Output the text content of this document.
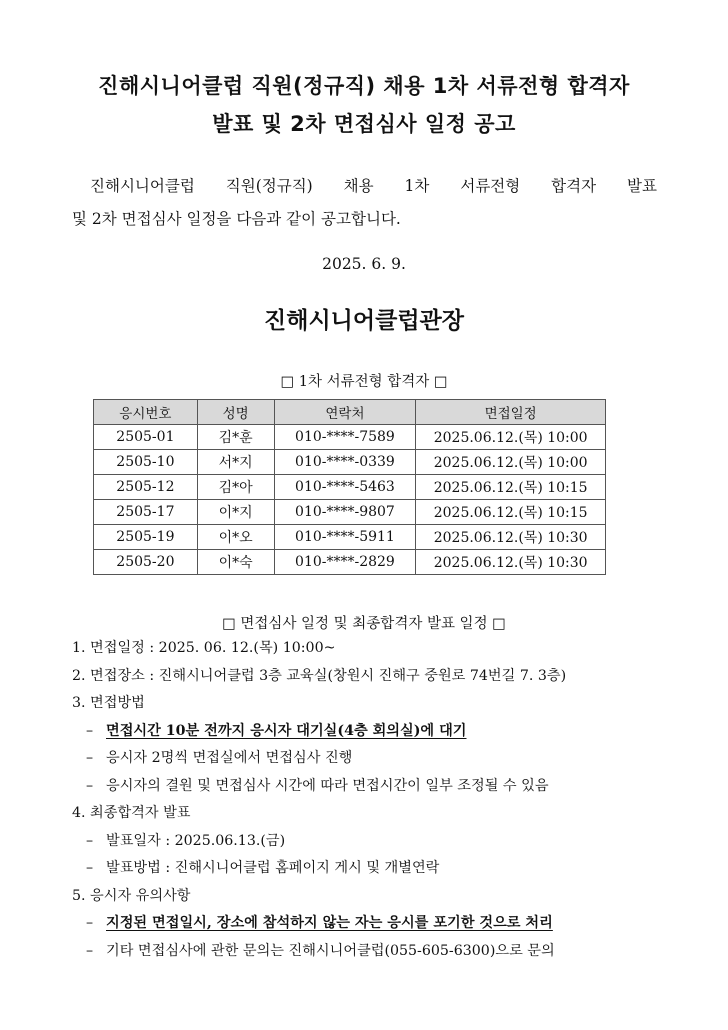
진해시니어클럽 직원(정규직) 채용 1차 서류전형 합격자
발표 및 2차 면접심사 일정 공고
진해시니어클럽 직원(정규직) 채용 1차 서류전형 합격자 발표
및 2차 면접심사 일정을 다음과 같이 공고합니다.
2025. 6. 9.
진해시니어클럽관장
□ 1차 서류전형 합격자 □
응시번호	성명	연락처	면접일정
2505-01	김*훈	010-****-7589	2025.06.12.(목) 10:00
2505-10	서*지	010-****-0339	2025.06.12.(목) 10:00
2505-12	김*아	010-****-5463	2025.06.12.(목) 10:15
2505-17	이*지	010-****-9807	2025.06.12.(목) 10:15
2505-19	이*오	010-****-5911	2025.06.12.(목) 10:30
2505-20	이*숙	010-****-2829	2025.06.12.(목) 10:30
□ 면접심사 일정 및 최종합격자 발표 일정 □
1. 면접일정 : 2025. 06. 12.(목) 10:00~
2. 면접장소 : 진해시니어클럽 3층 교육실(창원시 진해구 중원로 74번길 7. 3층)
3. 면접방법
– 면접시간 10분 전까지 응시자 대기실(4층 회의실)에 대기
– 응시자 2명씩 면접실에서 면접심사 진행
– 응시자의 결원 및 면접심사 시간에 따라 면접시간이 일부 조정될 수 있음
4. 최종합격자 발표
– 발표일자 : 2025.06.13.(금)
– 발표방법 : 진해시니어클럽 홈페이지 게시 및 개별연락
5. 응시자 유의사항
– 지정된 면접일시, 장소에 참석하지 않는 자는 응시를 포기한 것으로 처리
– 기타 면접심사에 관한 문의는 진해시니어클럽(055-605-6300)으로 문의
